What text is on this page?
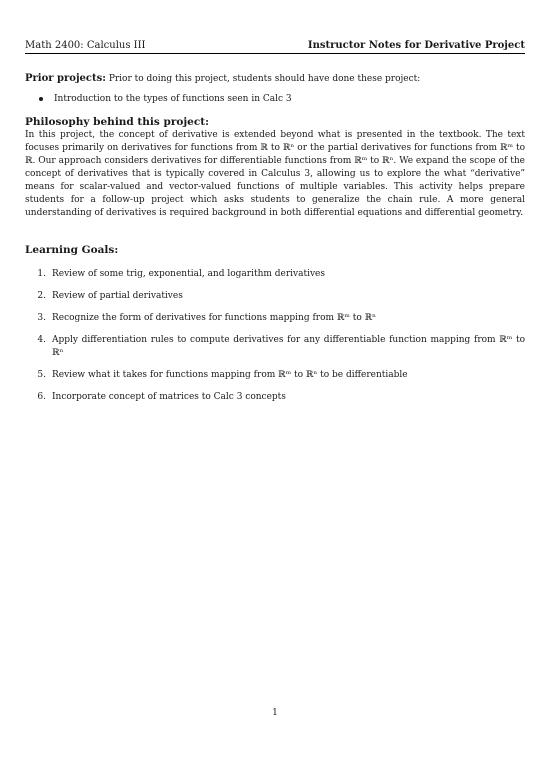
Math 2400: Calculus III	Instructor Notes for Derivative Project

Prior projects: Prior to doing this project, students should have done these project:

Introduction to the types of functions seen in Calc 3
Philosophy behind this project:

In this project, the concept of derivative is extended beyond what is presented in the textbook. The text focuses primarily on derivatives for functions from ℝ to ℝⁿ or the partial derivatives for functions from ℝᵐ to ℝ. Our approach considers derivatives for differentiable functions from ℝᵐ to ℝⁿ. We expand the scope of the concept of derivatives that is typically covered in Calculus 3, allowing us to explore the what “derivative” means for scalar-valued and vector-valued functions of multiple variables. This activity helps prepare students for a follow-up project which asks students to generalize the chain rule. A more general understanding of derivatives is required background in both differential equations and differential geometry.

Learning Goals:
1. Review of some trig, exponential, and logarithm derivatives
2. Review of partial derivatives
3. Recognize the form of derivatives for functions mapping from ℝᵐ to ℝⁿ
4. Apply differentiation rules to compute derivatives for any differentiable function mapping from ℝᵐ to ℝⁿ
5. Review what it takes for functions mapping from ℝᵐ to ℝⁿ to be differentiable
6. Incorporate concept of matrices to Calc 3 concepts
1
